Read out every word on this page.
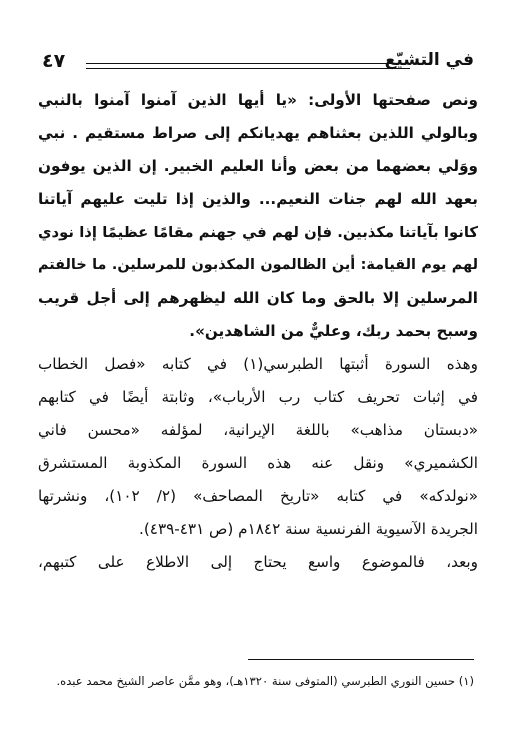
في التشيّع
٤٧

ونص صفحتها الأولى: «يا أيها الذين آمنوا آمنوا بالنبي

وبالولي اللذين بعثناهم يهديانكم إلى صراط مستقيم . نبي

ووَلي بعضهما من بعض وأنا العليم الخبير. إن الذين يوفون

بعهد الله لهم جنات النعيم... والذين إذا تليت عليهم آياتنا

كانوا بآياتنا مكذبين. فإن لهم في جهنم مقامًا عظيمًا إذا نودي

لهم يوم القيامة: أين الظالمون المكذبون للمرسلين. ما خالفتم

المرسلين إلا بالحق وما كان الله ليظهرهم إلى أجل قريب

وسبح بحمد ربك، وعليٌّ من الشاهدين».

وهذه السورة أثبتها الطبرسي(١) في كتابه «فصل الخطاب

في إثبات تحريف كتاب رب الأرباب»، وثابتة أيضًا في كتابهم

«دبستان مذاهب» باللغة الإيرانية، لمؤلفه «محسن فاني

الكشميري» ونقل عنه هذه السورة المكذوبة المستشرق

«نولدكه» في كتابه «تاريخ المصاحف» (٢/ ١٠٢)، ونشرتها

الجريدة الآسيوية الفرنسية سنة ١٨٤٢م (ص ٤٣١-٤٣٩).

وبعد، فالموضوع واسع يحتاج إلى الاطلاع على كتبهم،

(١) حسين النوري الطبرسي (المتوفى سنة ١٣٢٠هـ)، وهو ممَّن عاصر الشيخ محمد عبده.
